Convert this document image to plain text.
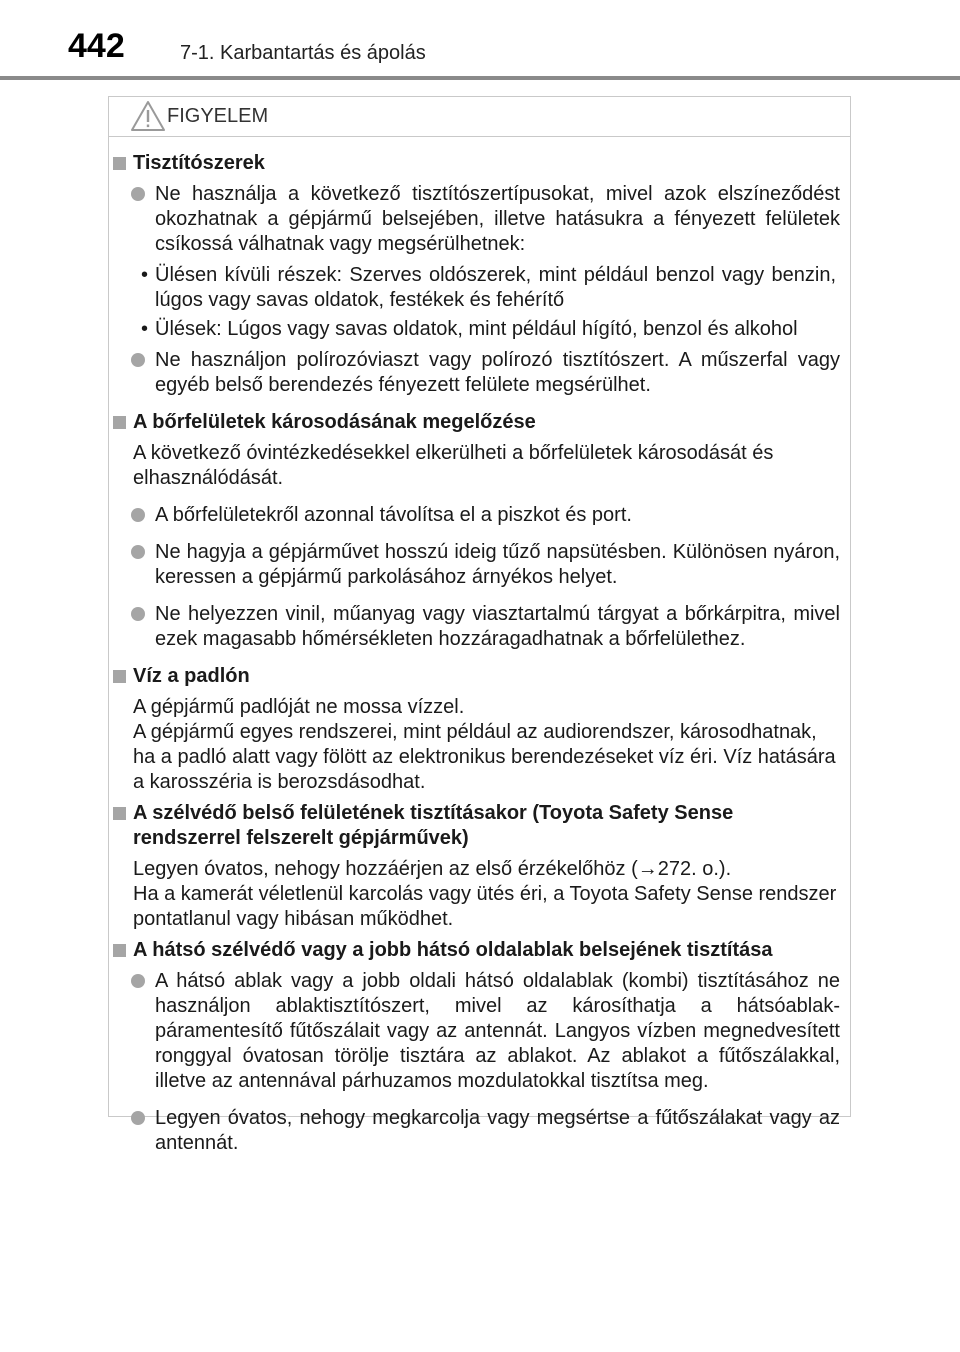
442	7-1. Karbantartás és ápolás
FIGYELEM
Tisztítószerek
Ne használja a következő tisztítószertípusokat, mivel azok elszíneződést okozhatnak a gépjármű belsejében, illetve hatásukra a fényezett felületek csíkossá válhatnak vagy megsérülhetnek:
• Ülésen kívüli részek: Szerves oldószerek, mint például benzol vagy benzin, lúgos vagy savas oldatok, festékek és fehérítő
• Ülések: Lúgos vagy savas oldatok, mint például hígító, benzol és alkohol
Ne használjon polírozóviaszt vagy polírozó tisztítószert. A műszerfal vagy egyéb belső berendezés fényezett felülete megsérülhet.
A bőrfelületek károsodásának megelőzése
A következő óvintézkedésekkel elkerülheti a bőrfelületek károsodását és elhasználódását.
A bőrfelületekről azonnal távolítsa el a piszkot és port.
Ne hagyja a gépjárművet hosszú ideig tűző napsütésben. Különösen nyáron, keressen a gépjármű parkolásához árnyékos helyet.
Ne helyezzen vinil, műanyag vagy viasztartalmú tárgyat a bőrkárpitra, mivel ezek magasabb hőmérsékleten hozzáragadhatnak a bőrfelülethez.
Víz a padlón
A gépjármű padlóját ne mossa vízzel.
A gépjármű egyes rendszerei, mint például az audiorendszer, károsodhatnak, ha a padló alatt vagy fölött az elektronikus berendezéseket víz éri. Víz hatására a karosszéria is berozsdásodhat.
A szélvédő belső felületének tisztításakor (Toyota Safety Sense rendszerrel felszerelt gépjárművek)
Legyen óvatos, nehogy hozzáérjen az első érzékelőhöz (→272. o.).
Ha a kamerát véletlenül karcolás vagy ütés éri, a Toyota Safety Sense rendszer pontatlanul vagy hibásan működhet.
A hátsó szélvédő vagy a jobb hátsó oldalablak belsejének tisztítása
A hátsó ablak vagy a jobb oldali hátsó oldalablak (kombi) tisztításához ne használjon ablaktisztítószert, mivel az károsíthatja a hátsóablak-páramentesítő fűtőszálait vagy az antennát. Langyos vízben megnedvesített ronggyal óvatosan törölje tisztára az ablakot. Az ablakot a fűtőszálakkal, illetve az antennával párhuzamos mozdulatokkal tisztítsa meg.
Legyen óvatos, nehogy megkarcolja vagy megsértse a fűtőszálakat vagy az antennát.
